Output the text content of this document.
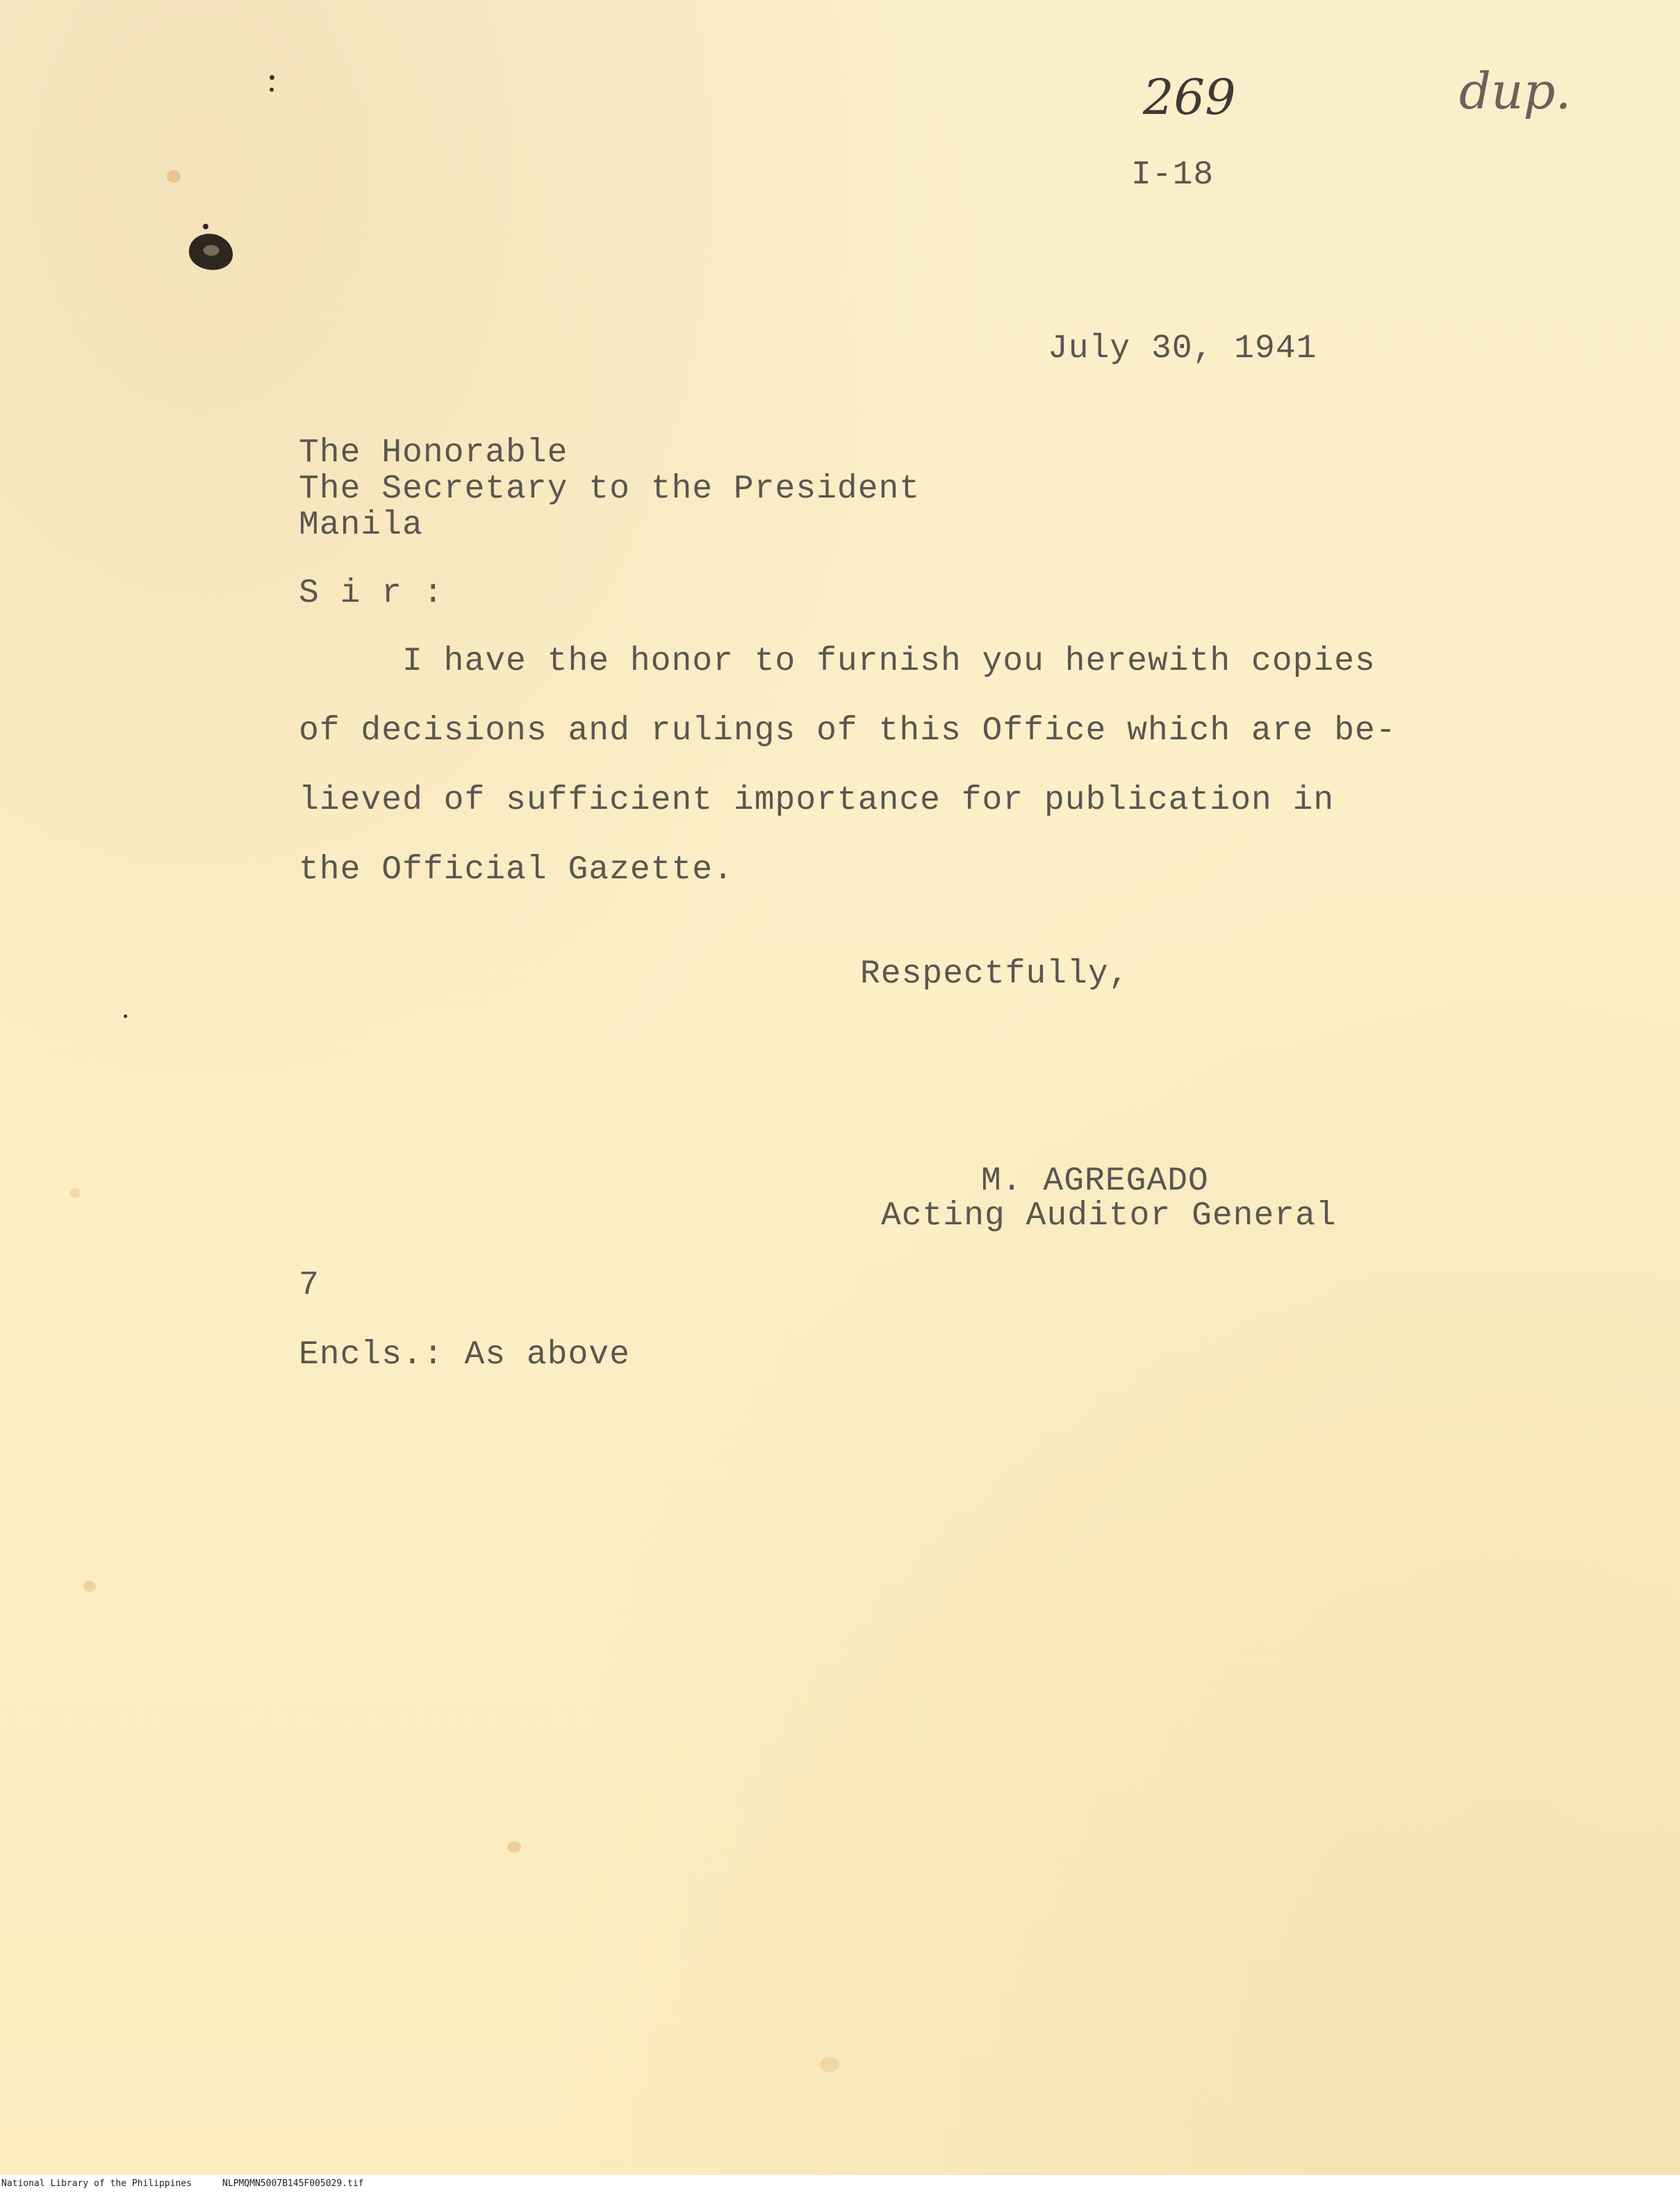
269	dup.
I-18
July 30, 1941
The Honorable
The Secretary to the President
Manila
S i r :
I have the honor to furnish you herewith copies
of decisions and rulings of this Office which are be-
lieved of sufficient importance for publication in
the Official Gazette.
Respectfully,
M. AGREGADO
Acting Auditor General
7
Encls.: As above
National Library of the Philippines	NLPMQMN5007B145F005029.tif
